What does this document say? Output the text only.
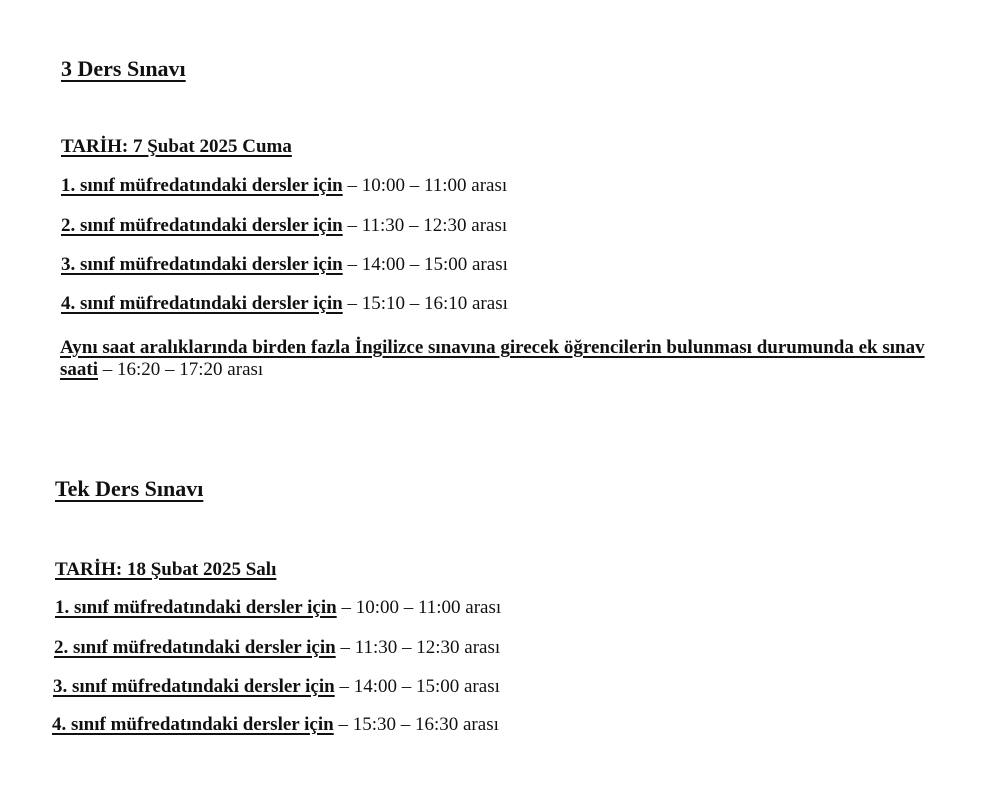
3 Ders Sınavı
TARİH: 7 Şubat 2025 Cuma
1. sınıf müfredatındaki dersler için – 10:00 – 11:00 arası
2. sınıf müfredatındaki dersler için – 11:30 – 12:30 arası
3. sınıf müfredatındaki dersler için – 14:00 – 15:00 arası
4. sınıf müfredatındaki dersler için – 15:10 – 16:10 arası
Aynı saat aralıklarında birden fazla İngilizce sınavına girecek öğrencilerin bulunması durumunda ek sınav saati – 16:20 – 17:20 arası
Tek Ders Sınavı
TARİH: 18 Şubat 2025 Salı
1. sınıf müfredatındaki dersler için – 10:00 – 11:00 arası
2. sınıf müfredatındaki dersler için – 11:30 – 12:30 arası
3. sınıf müfredatındaki dersler için – 14:00 – 15:00 arası
4. sınıf müfredatındaki dersler için – 15:30 – 16:30 arası
